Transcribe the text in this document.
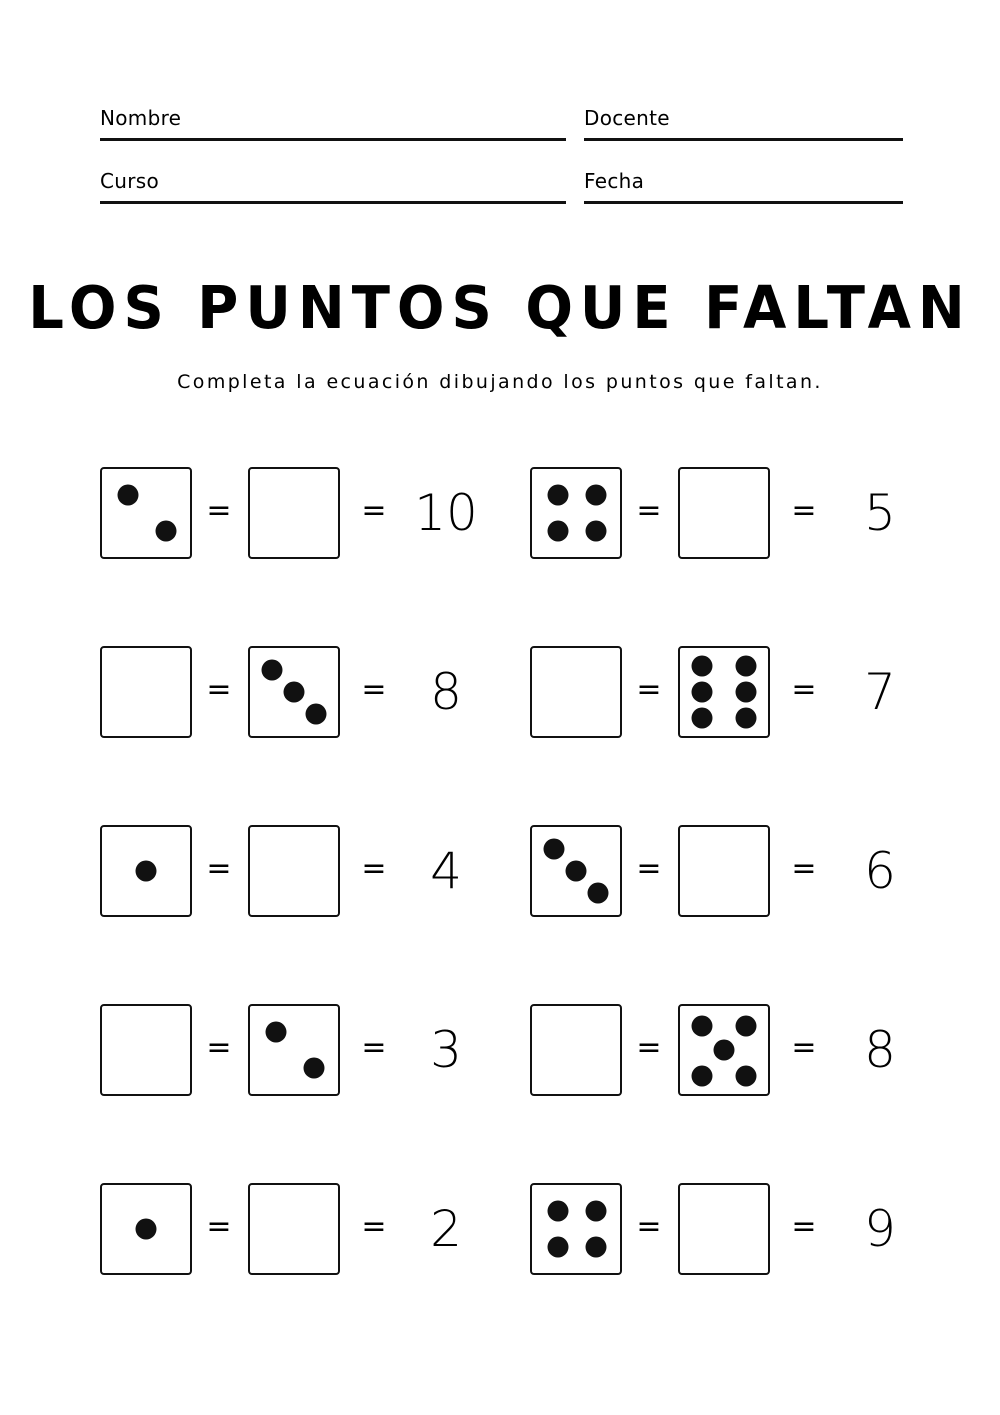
Nombre	Docente
Curso	Fecha
LOS PUNTOS QUE FALTAN
Completa la ecuación dibujando los puntos que faltan.
=	= 10	=	= 5
=	= 8	=	= 7
=	= 4	=	= 6
=	= 3	=	= 8
=	= 2	=	= 9
